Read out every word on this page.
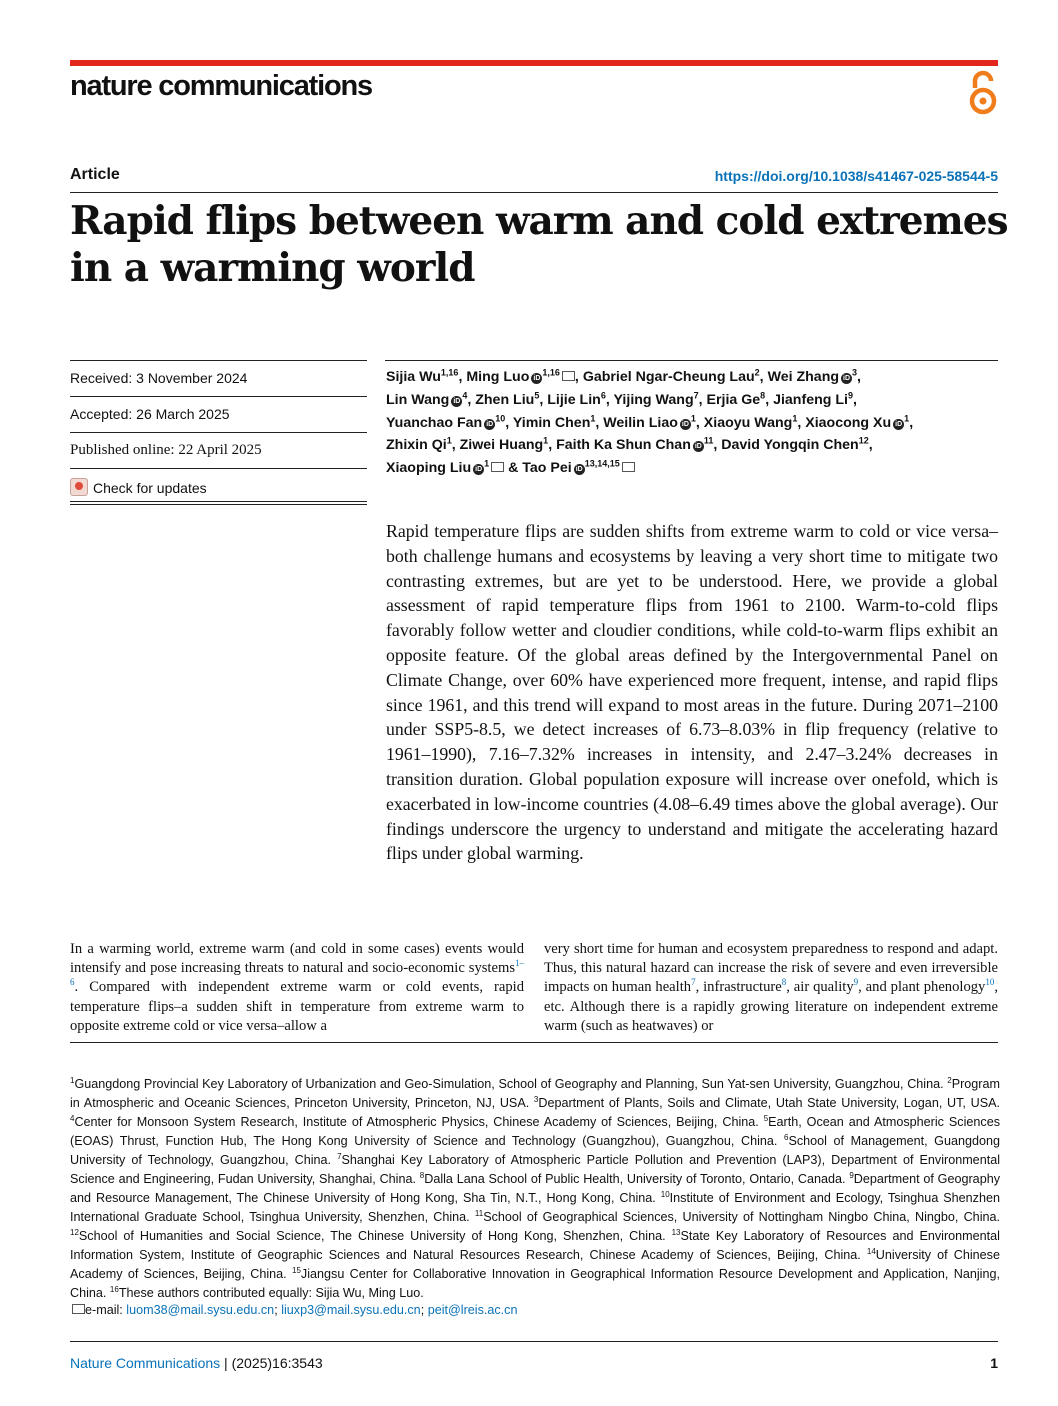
nature communications
Article	https://doi.org/10.1038/s41467-025-58544-5
Rapid flips between warm and cold extremes
in a warming world
Received: 3 November 2024
Accepted: 26 March 2025
Published online: 22 April 2025
Check for updates
Sijia Wu$^{1,16}$, Ming Luo iD$^{1,16}$ , Gabriel Ngar-Cheung Lau$^2$, Wei Zhang $iD^3$,
Lin Wang $iD^4$, Zhen Liu$^5$, Lijie Lin$^6$, Yijing Wang$^7$, Erjia Ge$^8$, Jianfeng Li$^9$,
Yuanchao Fan $iD^{10}$, Yimin Chen$^1$, Weilin Liao $iD^1$, Xiaoyu Wang$^1$, Xiaocong Xu $iD^1$,
Zhixin Qi$^1$, Ziwei Huang$^1$, Faith Ka Shun Chan $iD^{11}$, David Yongqin Chen$^{12}$,
Xiaoping Liu $iD^1$ & Tao Pei iD$^{13,14,15}$
Rapid temperature flips are sudden shifts from extreme warm to cold or vice versa–both challenge humans and ecosystems by leaving a very short time to mitigate two contrasting extremes, but are yet to be understood. Here, we provide a global assessment of rapid temperature flips from 1961 to 2100. Warm-to-cold flips favorably follow wetter and cloudier conditions, while cold-to-warm flips exhibit an opposite feature. Of the global areas defined by the Intergovernmental Panel on Climate Change, over 60% have experienced more frequent, intense, and rapid flips since 1961, and this trend will expand to most areas in the future. During 2071–2100 under SSP5-8.5, we detect increases of 6.73–8.03% in flip frequency (relative to 1961–1990), 7.16–7.32% increases in intensity, and 2.47–3.24% decreases in transition duration. Global population exposure will increase over onefold, which is exacerbated in low-income countries (4.08–6.49 times above the global average). Our findings underscore the urgency to understand and mitigate the accelerating hazard flips under global warming.
In a warming world, extreme warm (and cold in some cases) events would intensify and pose increasing threats to natural and socio-economic systems$^{1-6}$. Compared with independent extreme warm or cold events, rapid temperature flips–a sudden shift in temperature from extreme warm to opposite extreme cold or vice versa–allow a
very short time for human and ecosystem preparedness to respond and adapt. Thus, this natural hazard can increase the risk of severe and even irreversible impacts on human health$^7$, infrastructure$^8$, air quality$^9$, and plant phenology$^{10}$, etc. Although there is a rapidly growing literature on independent extreme warm (such as heatwaves) or
$^1$Guangdong Provincial Key Laboratory of Urbanization and Geo-Simulation, School of Geography and Planning, Sun Yat-sen University, Guangzhou, China. $^2$Program in Atmospheric and Oceanic Sciences, Princeton University, Princeton, NJ, USA. $^3$Department of Plants, Soils and Climate, Utah State University, Logan, UT, USA. $^4$Center for Monsoon System Research, Institute of Atmospheric Physics, Chinese Academy of Sciences, Beijing, China. $^5$Earth, Ocean and Atmospheric Sciences (EOAS) Thrust, Function Hub, The Hong Kong University of Science and Technology (Guangzhou), Guangzhou, China. $^6$School of Management, Guangdong University of Technology, Guangzhou, China. $^7$Shanghai Key Laboratory of Atmospheric Particle Pollution and Prevention (LAP3), Department of Environmental Science and Engineering, Fudan University, Shanghai, China. $^8$Dalla Lana School of Public Health, University of Toronto, Ontario, Canada. $^9$Department of Geography and Resource Management, The Chinese University of Hong Kong, Sha Tin, N.T., Hong Kong, China. $^{10}$Institute of Environment and Ecology, Tsinghua Shenzhen International Graduate School, Tsinghua University, Shenzhen, China. $^{11}$School of Geographical Sciences, University of Nottingham Ningbo China, Ningbo, China. $^{12}$School of Humanities and Social Science, The Chinese University of Hong Kong, Shenzhen, China. $^{13}$State Key Laboratory of Resources and Environmental Information System, Institute of Geographic Sciences and Natural Resources Research, Chinese Academy of Sciences, Beijing, China. $^{14}$University of Chinese Academy of Sciences, Beijing, China. $^{15}$Jiangsu Center for Collaborative Innovation in Geographical Information Resource Development and Application, Nanjing, China. $^{16}$These authors contributed equally: Sijia Wu, Ming Luo.
e-mail: luom38@mail.sysu.edu.cn; liuxp3@mail.sysu.edu.cn; peit@lreis.ac.cn
Nature Communications | (2025)16:3543	1
